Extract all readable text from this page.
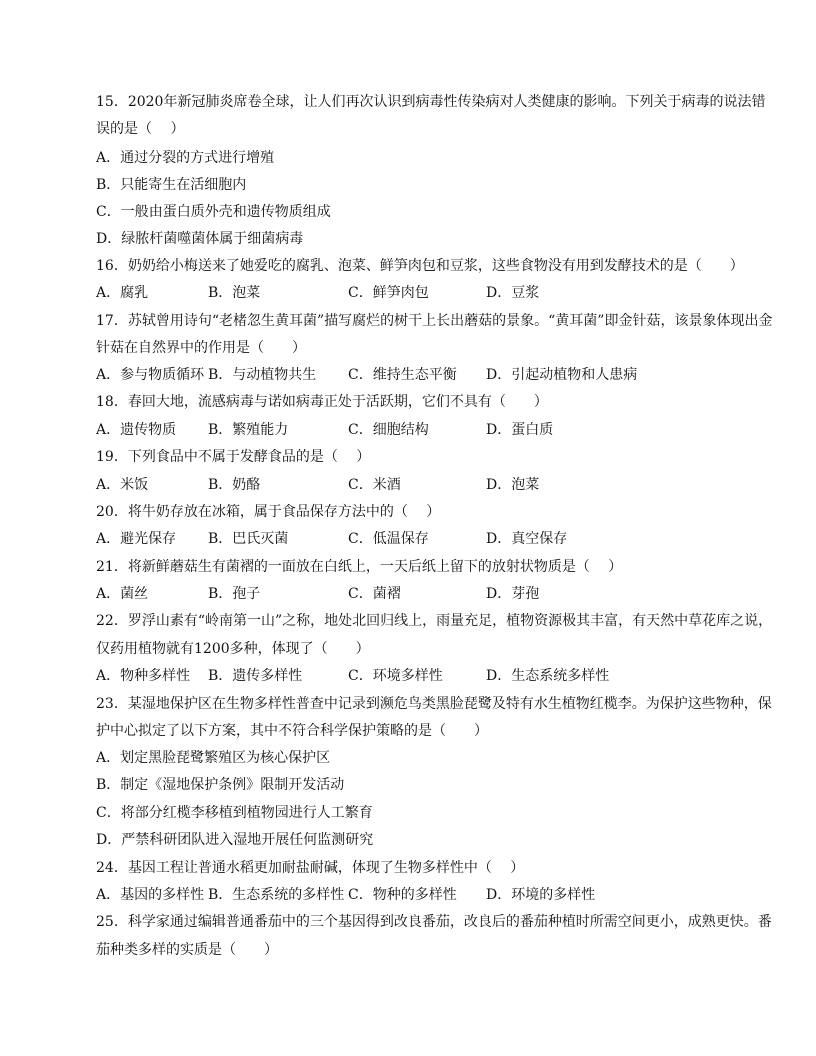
15．2020年新冠肺炎席卷全球，让人们再次认识到病毒性传染病对人类健康的影响。下列关于病毒的说法错
误的是（　 ）
A．通过分裂的方式进行增殖
B．只能寄生在活细胞内
C．一般由蛋白质外壳和遗传物质组成
D．绿脓杆菌噬菌体属于细菌病毒
16．奶奶给小梅送来了她爱吃的腐乳、泡菜、鲜笋肉包和豆浆，这些食物没有用到发酵技术的是（　　）
A．腐乳	B．泡菜	C．鲜笋肉包	D．豆浆
17．苏轼曾用诗句“老楮忽生黄耳菌”描写腐烂的树干上长出蘑菇的景象。“黄耳菌”即金针菇，该景象体现出金
针菇在自然界中的作用是（　　）
A．参与物质循环 B．与动植物共生 C．维持生态平衡 D．引起动植物和人患病
18．春回大地，流感病毒与诺如病毒正处于活跃期，它们不具有（　　）
A．遗传物质 B．繁殖能力	C．细胞结构	D．蛋白质
19．下列食品中不属于发酵食品的是（　 ）
A．米饭	B．奶酪	C．米酒	D．泡菜
20．将牛奶存放在冰箱，属于食品保存方法中的（　 ）
A．避光保存 B．巴氏灭菌	C．低温保存	D．真空保存
21．将新鲜蘑菇生有菌褶的一面放在白纸上，一天后纸上留下的放射状物质是（　 ）
A．菌丝	B．孢子	C．菌褶	D．芽孢
22．罗浮山素有“岭南第一山”之称，地处北回归线上，雨量充足，植物资源极其丰富，有天然中草花库之说，
仅药用植物就有1200多种，体现了（　　）
A．物种多样性 B．遗传多样性	C．环境多样性	D．生态系统多样性
23．某湿地保护区在生物多样性普查中记录到濒危鸟类黑脸琵鹭及特有水生植物红榄李。为保护这些物种，保
护中心拟定了以下方案，其中不符合科学保护策略的是（　　）
A．划定黑脸琵鹭繁殖区为核心保护区
B．制定《湿地保护条例》限制开发活动
C．将部分红榄李移植到植物园进行人工繁育
D．严禁科研团队进入湿地开展任何监测研究
24．基因工程让普通水稻更加耐盐耐碱，体现了生物多样性中（　 ）
A．基因的多样性 B．生态系统的多样性 C．物种的多样性 D．环境的多样性
25．科学家通过编辑普通番茄中的三个基因得到改良番茄，改良后的番茄种植时所需空间更小，成熟更快。番
茄种类多样的实质是（　　）
